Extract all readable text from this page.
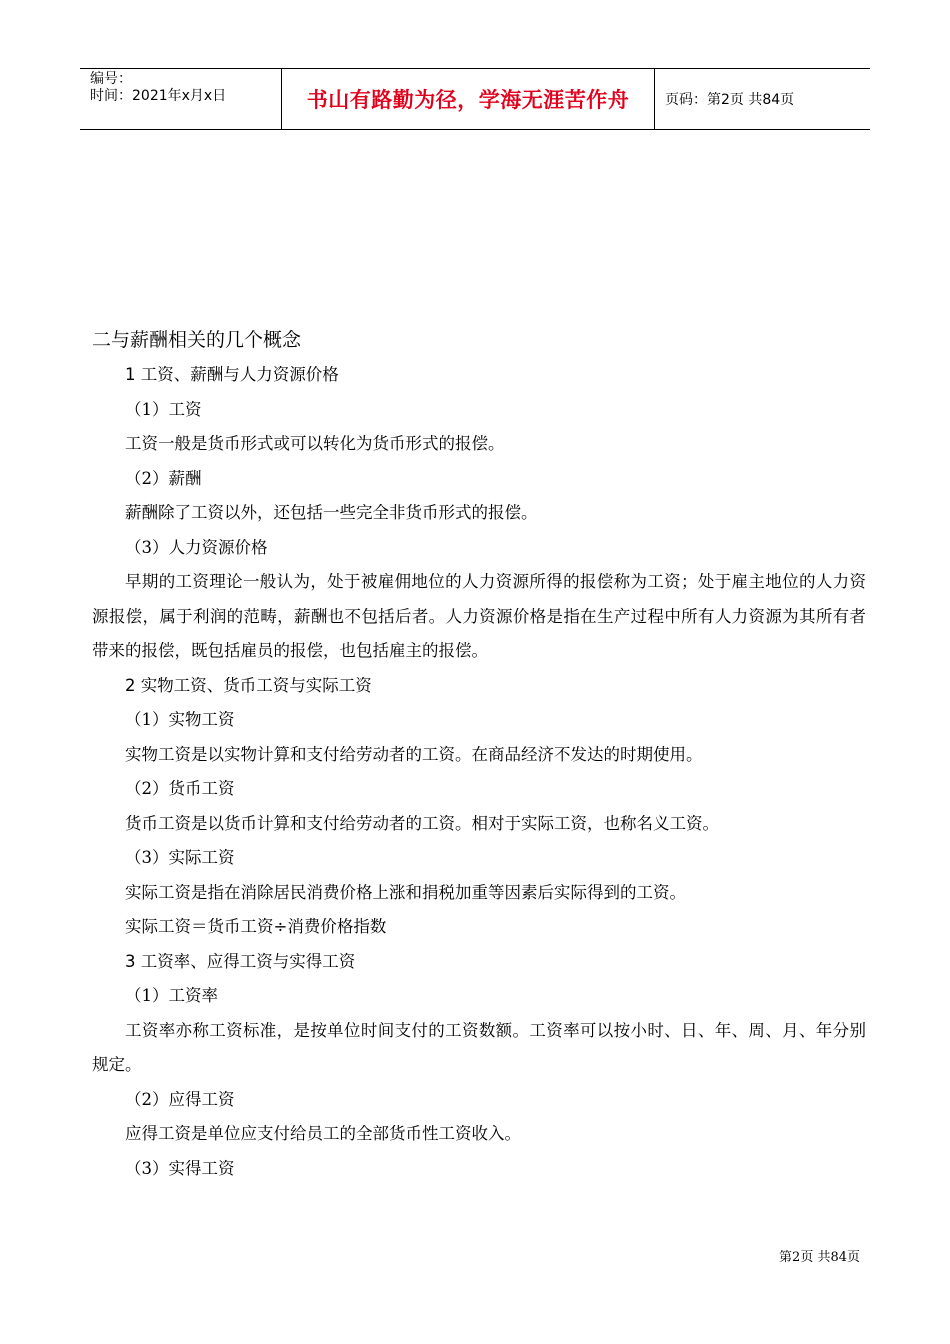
编号：
时间：2021年x月x日	书山有路勤为径，学海无涯苦作舟	页码：第2页 共84页
二与薪酬相关的几个概念
1 工资、薪酬与人力资源价格
（1）工资
工资一般是货币形式或可以转化为货币形式的报偿。
（2）薪酬
薪酬除了工资以外，还包括一些完全非货币形式的报偿。
（3）人力资源价格
早期的工资理论一般认为，处于被雇佣地位的人力资源所得的报偿称为工资；处于雇主地位的人力资源报偿，属于利润的范畴，薪酬也不包括后者。人力资源价格是指在生产过程中所有人力资源为其所有者带来的报偿，既包括雇员的报偿，也包括雇主的报偿。
2 实物工资、货币工资与实际工资
（1）实物工资
实物工资是以实物计算和支付给劳动者的工资。在商品经济不发达的时期使用。
（2）货币工资
货币工资是以货币计算和支付给劳动者的工资。相对于实际工资，也称名义工资。
（3）实际工资
实际工资是指在消除居民消费价格上涨和捐税加重等因素后实际得到的工资。
实际工资＝货币工资÷消费价格指数
3 工资率、应得工资与实得工资
（1）工资率
工资率亦称工资标准，是按单位时间支付的工资数额。工资率可以按小时、日、年、周、月、年分别规定。
（2）应得工资
应得工资是单位应支付给员工的全部货币性工资收入。
（3）实得工资
第2页 共84页
